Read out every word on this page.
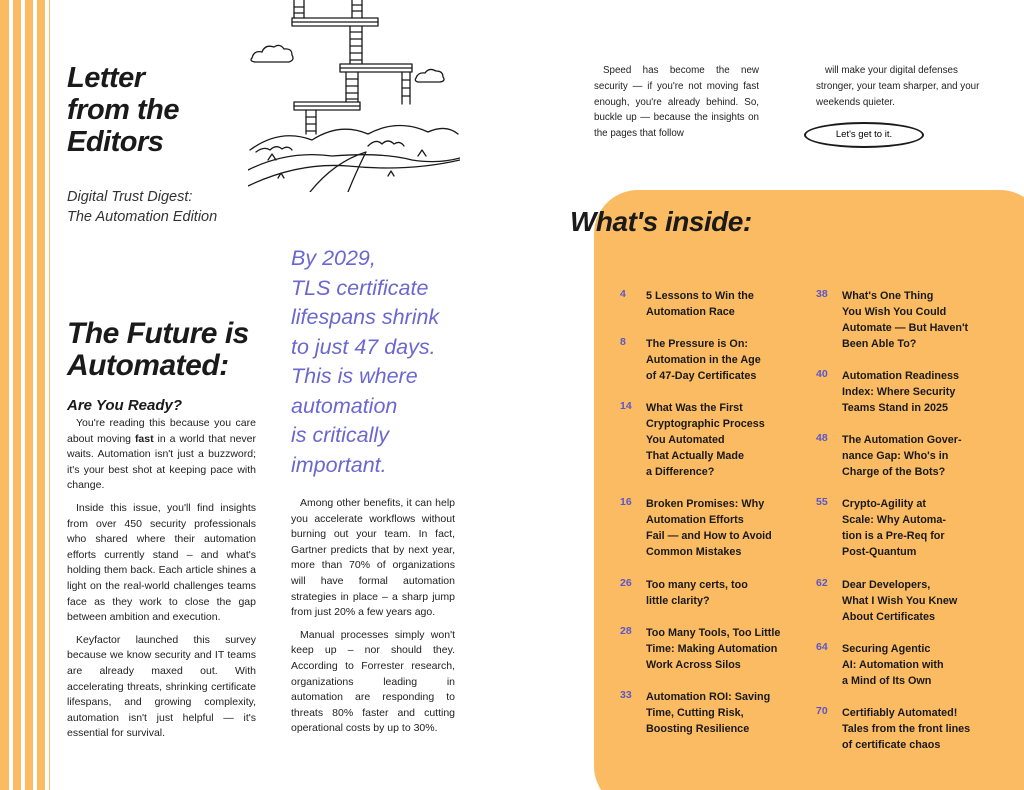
Letter
from the
Editors
Digital Trust Digest:
The Automation Edition
The Future is
Automated:
Are You Ready?

You're reading this because you care about moving fast in a world that never waits. Automation isn't just a buzzword; it's your best shot at keeping pace with change.

Inside this issue, you'll find insights from over 450 security professionals who shared where their automation efforts currently stand – and what's holding them back. Each article shines a light on the real-world challenges teams face as they work to close the gap between ambition and execution.

Keyfactor launched this survey because we know security and IT teams are already maxed out. With accelerating threats, shrinking certificate lifespans, and growing complexity, automation isn't just helpful — it's essential for survival.

By 2029,
TLS certificate
lifespans shrink
to just 47 days.
This is where
automation
is critically
important.

Among other benefits, it can help you accelerate workflows without burning out your team. In fact, Gartner predicts that by next year, more than 70% of organizations will have formal automation strategies in place – a sharp jump from just 20% a few years ago.

Manual processes simply won't keep up – nor should they. According to Forrester research, organizations leading in automation are responding to threats 80% faster and cutting operational costs by up to 30%.

Speed has become the new security — if you're not moving fast enough, you're already behind. So, buckle up — because the insights on the pages that follow

will make your digital defenses stronger, your team sharper, and your weekends quieter.

Let's get to it.
What's inside:
4	5 Lessons to Win the
Automation Race
8	The Pressure is On:
Automation in the Age
of 47-Day Certificates
14	What Was the First
Cryptographic Process
You Automated
That Actually Made
a Difference?
16	Broken Promises: Why
Automation Efforts
Fail — and How to Avoid
Common Mistakes
26	Too many certs, too
little clarity?
28	Too Many Tools, Too Little
Time: Making Automation
Work Across Silos
33	Automation ROI: Saving
Time, Cutting Risk,
Boosting Resilience
38	What's One Thing
You Wish You Could
Automate — But Haven't
Been Able To?
40	Automation Readiness
Index: Where Security
Teams Stand in 2025
48	The Automation Gover-
nance Gap: Who's in
Charge of the Bots?
55	Crypto-Agility at
Scale: Why Automa-
tion is a Pre-Req for
Post-Quantum
62	Dear Developers,
What I Wish You Knew
About Certificates
64	Securing Agentic
AI: Automation with
a Mind of Its Own
70	Certifiably Automated!
Tales from the front lines
of certificate chaos
